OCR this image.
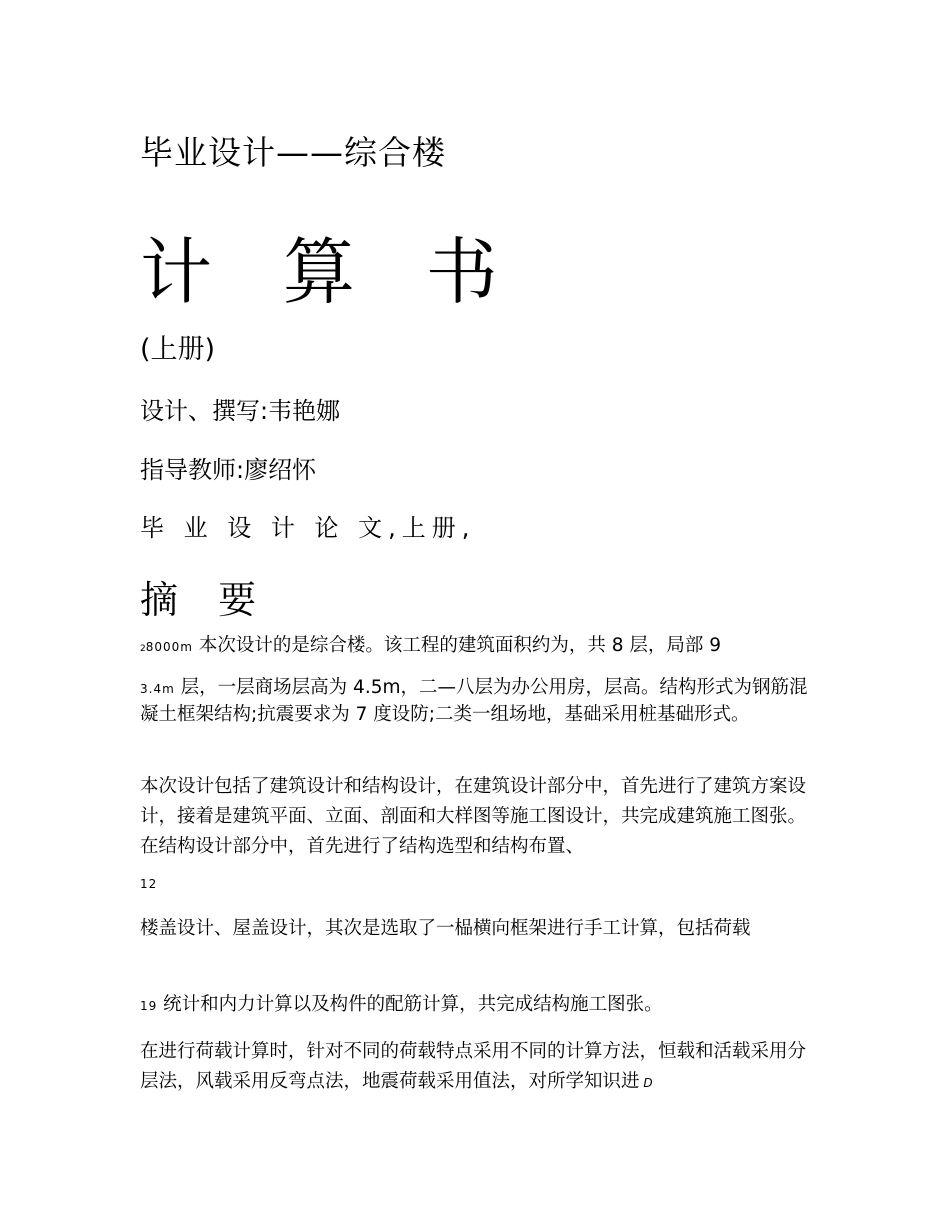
毕业设计——综合楼
计 算 书
(上册)
设计、撰写:韦艳娜
指导教师:廖绍怀
毕 业 设 计 论 文,上册,
摘 要

28000m 本次设计的是综合楼。该工程的建筑面积约为，共 8 层，局部 9

3.4m 层，一层商场层高为 4.5m，二—八层为办公用房，层高。结构形式为钢筋混凝土框架结构;抗震要求为 7 度设防;二类一组场地，基础采用桩基础形式。

本次设计包括了建筑设计和结构设计，在建筑设计部分中，首先进行了建筑方案设计，接着是建筑平面、立面、剖面和大样图等施工图设计，共完成建筑施工图张。在结构设计部分中，首先进行了结构选型和结构布置、

12

楼盖设计、屋盖设计，其次是选取了一榀横向框架进行手工计算，包括荷载

19 统计和内力计算以及构件的配筋计算，共完成结构施工图张。

在进行荷载计算时，针对不同的荷载特点采用不同的计算方法，恒载和活载采用分层法，风载采用反弯点法，地震荷载采用值法，对所学知识进 D
